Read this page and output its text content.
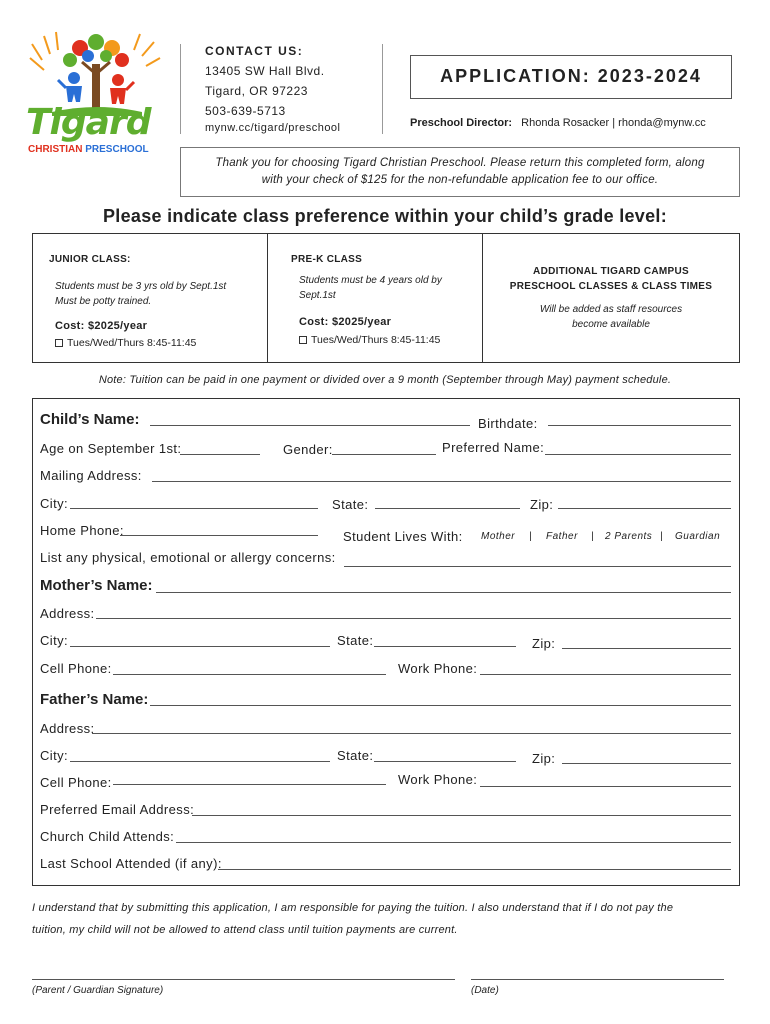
Tigard
CHRISTIAN PRESCHOOL
CONTACT US:
13405 SW Hall Blvd.
Tigard, OR 97223
503-639-5713
mynw.cc/tigard/preschool
APPLICATION: 2023-2024
Preschool Director: Rhonda Rosacker | rhonda@mynw.cc
Thank you for choosing Tigard Christian Preschool. Please return this completed form, along
with your check of $125 for the non-refundable application fee to our office.
Please indicate class preference within your child’s grade level:
JUNIOR CLASS:
Students must be 3 yrs old by Sept.1st
Must be potty trained.
Cost: $2025/year
Tues/Wed/Thurs 8:45-11:45
PRE-K CLASS
Students must be 4 years old by
Sept.1st
Cost: $2025/year
Tues/Wed/Thurs 8:45-11:45
ADDITIONAL TIGARD CAMPUS
PRESCHOOL CLASSES & CLASS TIMES
Will be added as staff resources
become available
Note: Tuition can be paid in one payment or divided over a 9 month (September through May) payment schedule.
Child’s Name:	Birthdate:
Age on September 1st:	Gender:	Preferred Name:
Mailing Address:
City:	State:	Zip:
Home Phone:	Student Lives With: Mother | Father | 2 Parents | Guardian
List any physical, emotional or allergy concerns:
Mother’s Name:
Address:
City:	State:	Zip:
Cell Phone:	Work Phone:
Father’s Name:
Address:
City:	State:	Zip:
Cell Phone:	Work Phone:
Preferred Email Address:
Church Child Attends:
Last School Attended (if any):
I understand that by submitting this application, I am responsible for paying the tuition. I also understand that if I do not pay the
tuition, my child will not be allowed to attend class until tuition payments are current.
(Parent / Guardian Signature)	(Date)
